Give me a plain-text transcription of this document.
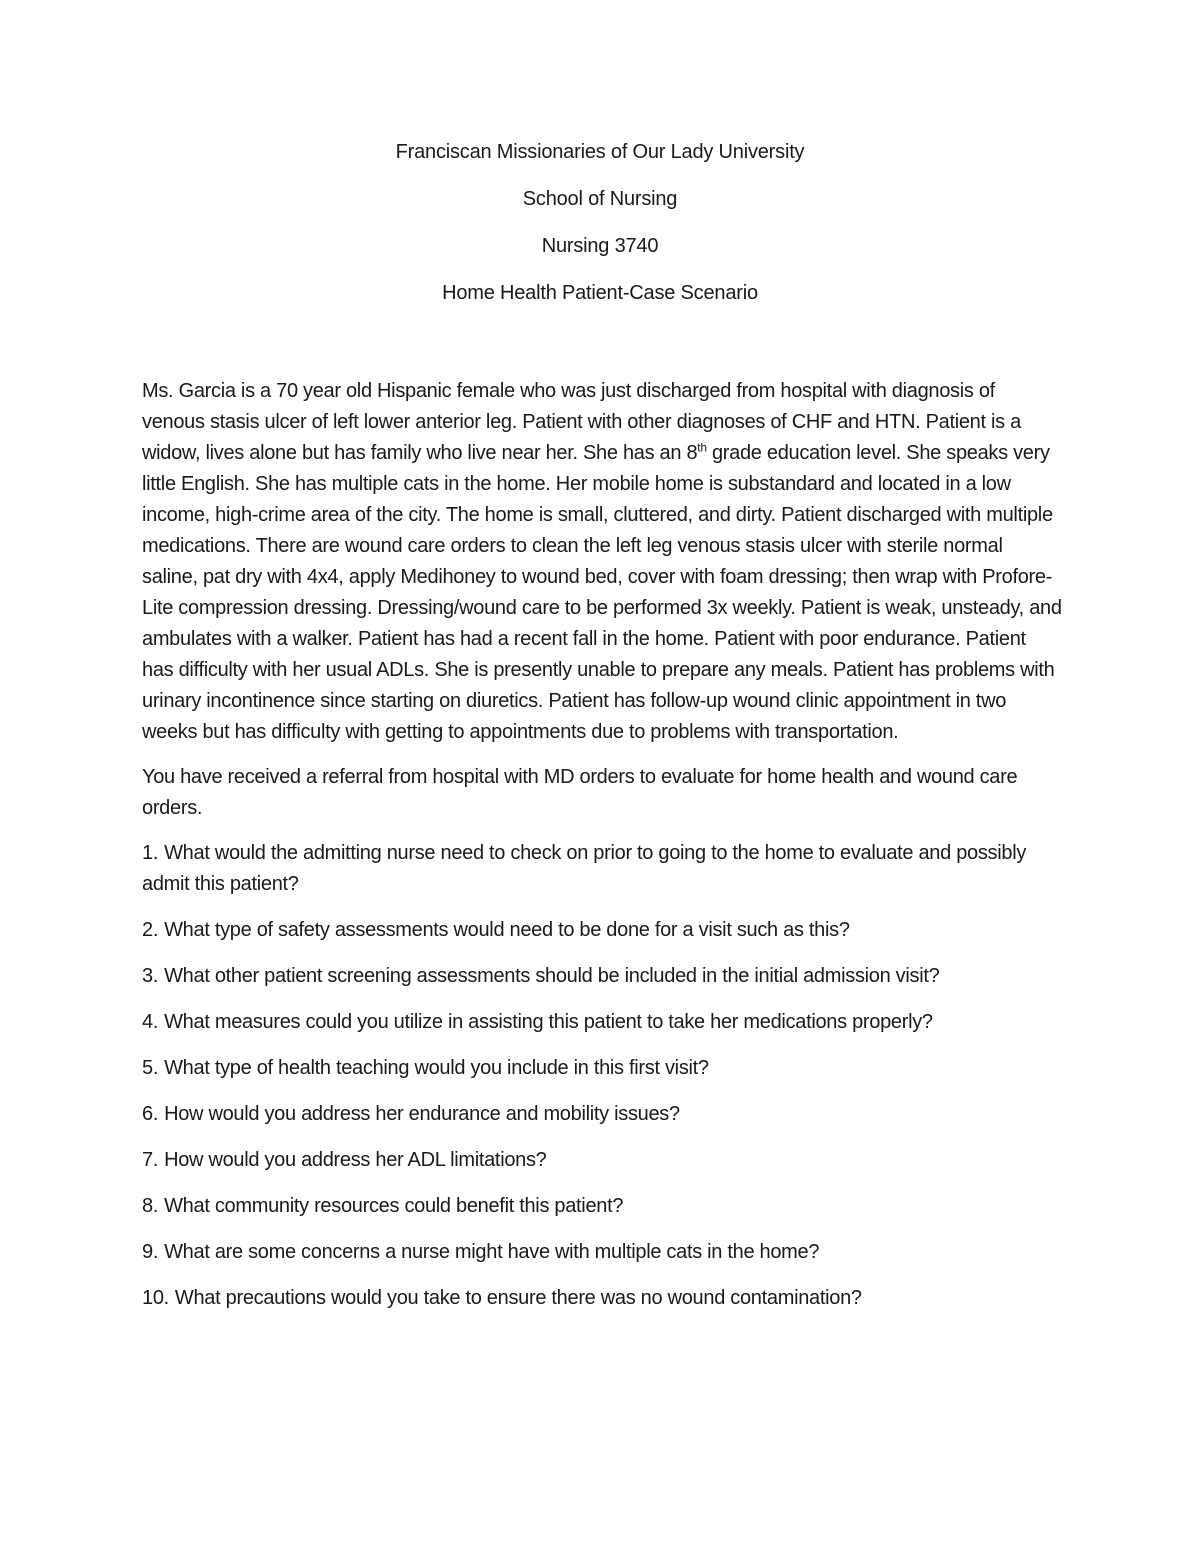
Franciscan Missionaries of Our Lady University

School of Nursing

Nursing 3740

Home Health Patient-Case Scenario

Ms. Garcia is a 70 year old Hispanic female who was just discharged from hospital with diagnosis of venous stasis ulcer of left lower anterior leg. Patient with other diagnoses of CHF and HTN. Patient is a widow, lives alone but has family who live near her. She has an 8th grade education level. She speaks very little English. She has multiple cats in the home. Her mobile home is substandard and located in a low income, high-crime area of the city. The home is small, cluttered, and dirty. Patient discharged with multiple medications. There are wound care orders to clean the left leg venous stasis ulcer with sterile normal saline, pat dry with 4x4, apply Medihoney to wound bed, cover with foam dressing; then wrap with Profore-Lite compression dressing. Dressing/wound care to be performed 3x weekly. Patient is weak, unsteady, and ambulates with a walker. Patient has had a recent fall in the home. Patient with poor endurance. Patient has difficulty with her usual ADLs. She is presently unable to prepare any meals. Patient has problems with urinary incontinence since starting on diuretics. Patient has follow-up wound clinic appointment in two weeks but has difficulty with getting to appointments due to problems with transportation.

You have received a referral from hospital with MD orders to evaluate for home health and wound care orders.

1. What would the admitting nurse need to check on prior to going to the home to evaluate and possibly admit this patient?

2. What type of safety assessments would need to be done for a visit such as this?

3. What other patient screening assessments should be included in the initial admission visit?

4. What measures could you utilize in assisting this patient to take her medications properly?

5. What type of health teaching would you include in this first visit?

6. How would you address her endurance and mobility issues?

7. How would you address her ADL limitations?

8. What community resources could benefit this patient?

9. What are some concerns a nurse might have with multiple cats in the home?

10. What precautions would you take to ensure there was no wound contamination?
